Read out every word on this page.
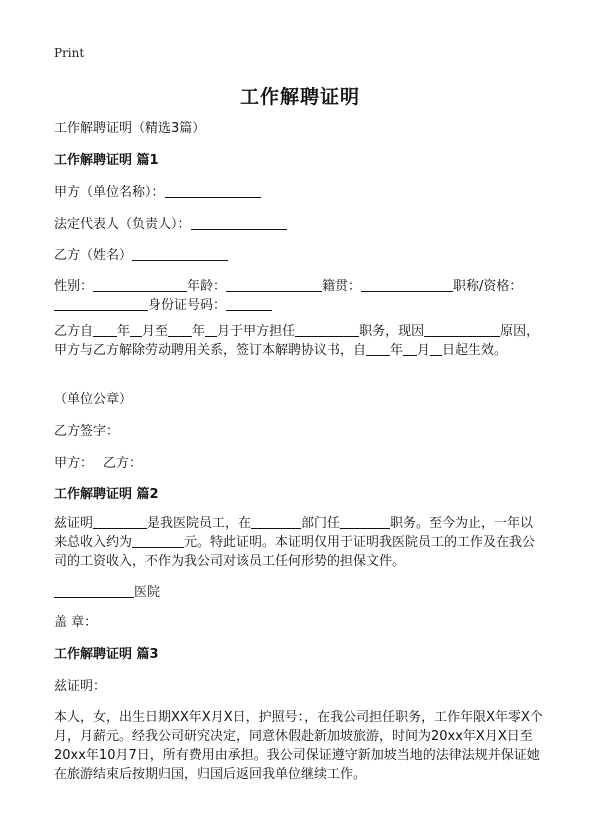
Print
工作解聘证明
工作解聘证明（精选3篇）
工作解聘证明 篇1
甲方（单位名称）：
法定代表人（负责人）：
乙方（姓名）
性别：	年龄：	籍贯：	职称/资格：
身份证号码：
乙方自 年 月至 年 月于甲方担任	职务，现因	原因，甲方与乙方解除劳动聘用关系，签订本解聘协议书，自 年 月 日起生效。
（单位公章）
乙方签字：
甲方： 乙方：
工作解聘证明 篇2
兹证明	是我医院员工，在	部门任	职务。至今为止，一年以来总收入约为	元。特此证明。本证明仅用于证明我医院员工的工作及在我公司的工资收入，不作为我公司对该员工任何形势的担保文件。
医院
盖 章：
工作解聘证明 篇3
兹证明：
本人，女，出生日期XX年X月X日，护照号：，在我公司担任职务，工作年限X年零X个月，月薪元。经我公司研究决定，同意休假赴新加坡旅游，时间为20xx年X月X日至20xx年10月7日，所有费用由承担。我公司保证遵守新加坡当地的法律法规并保证她在旅游结束后按期归国，归国后返回我单位继续工作。
